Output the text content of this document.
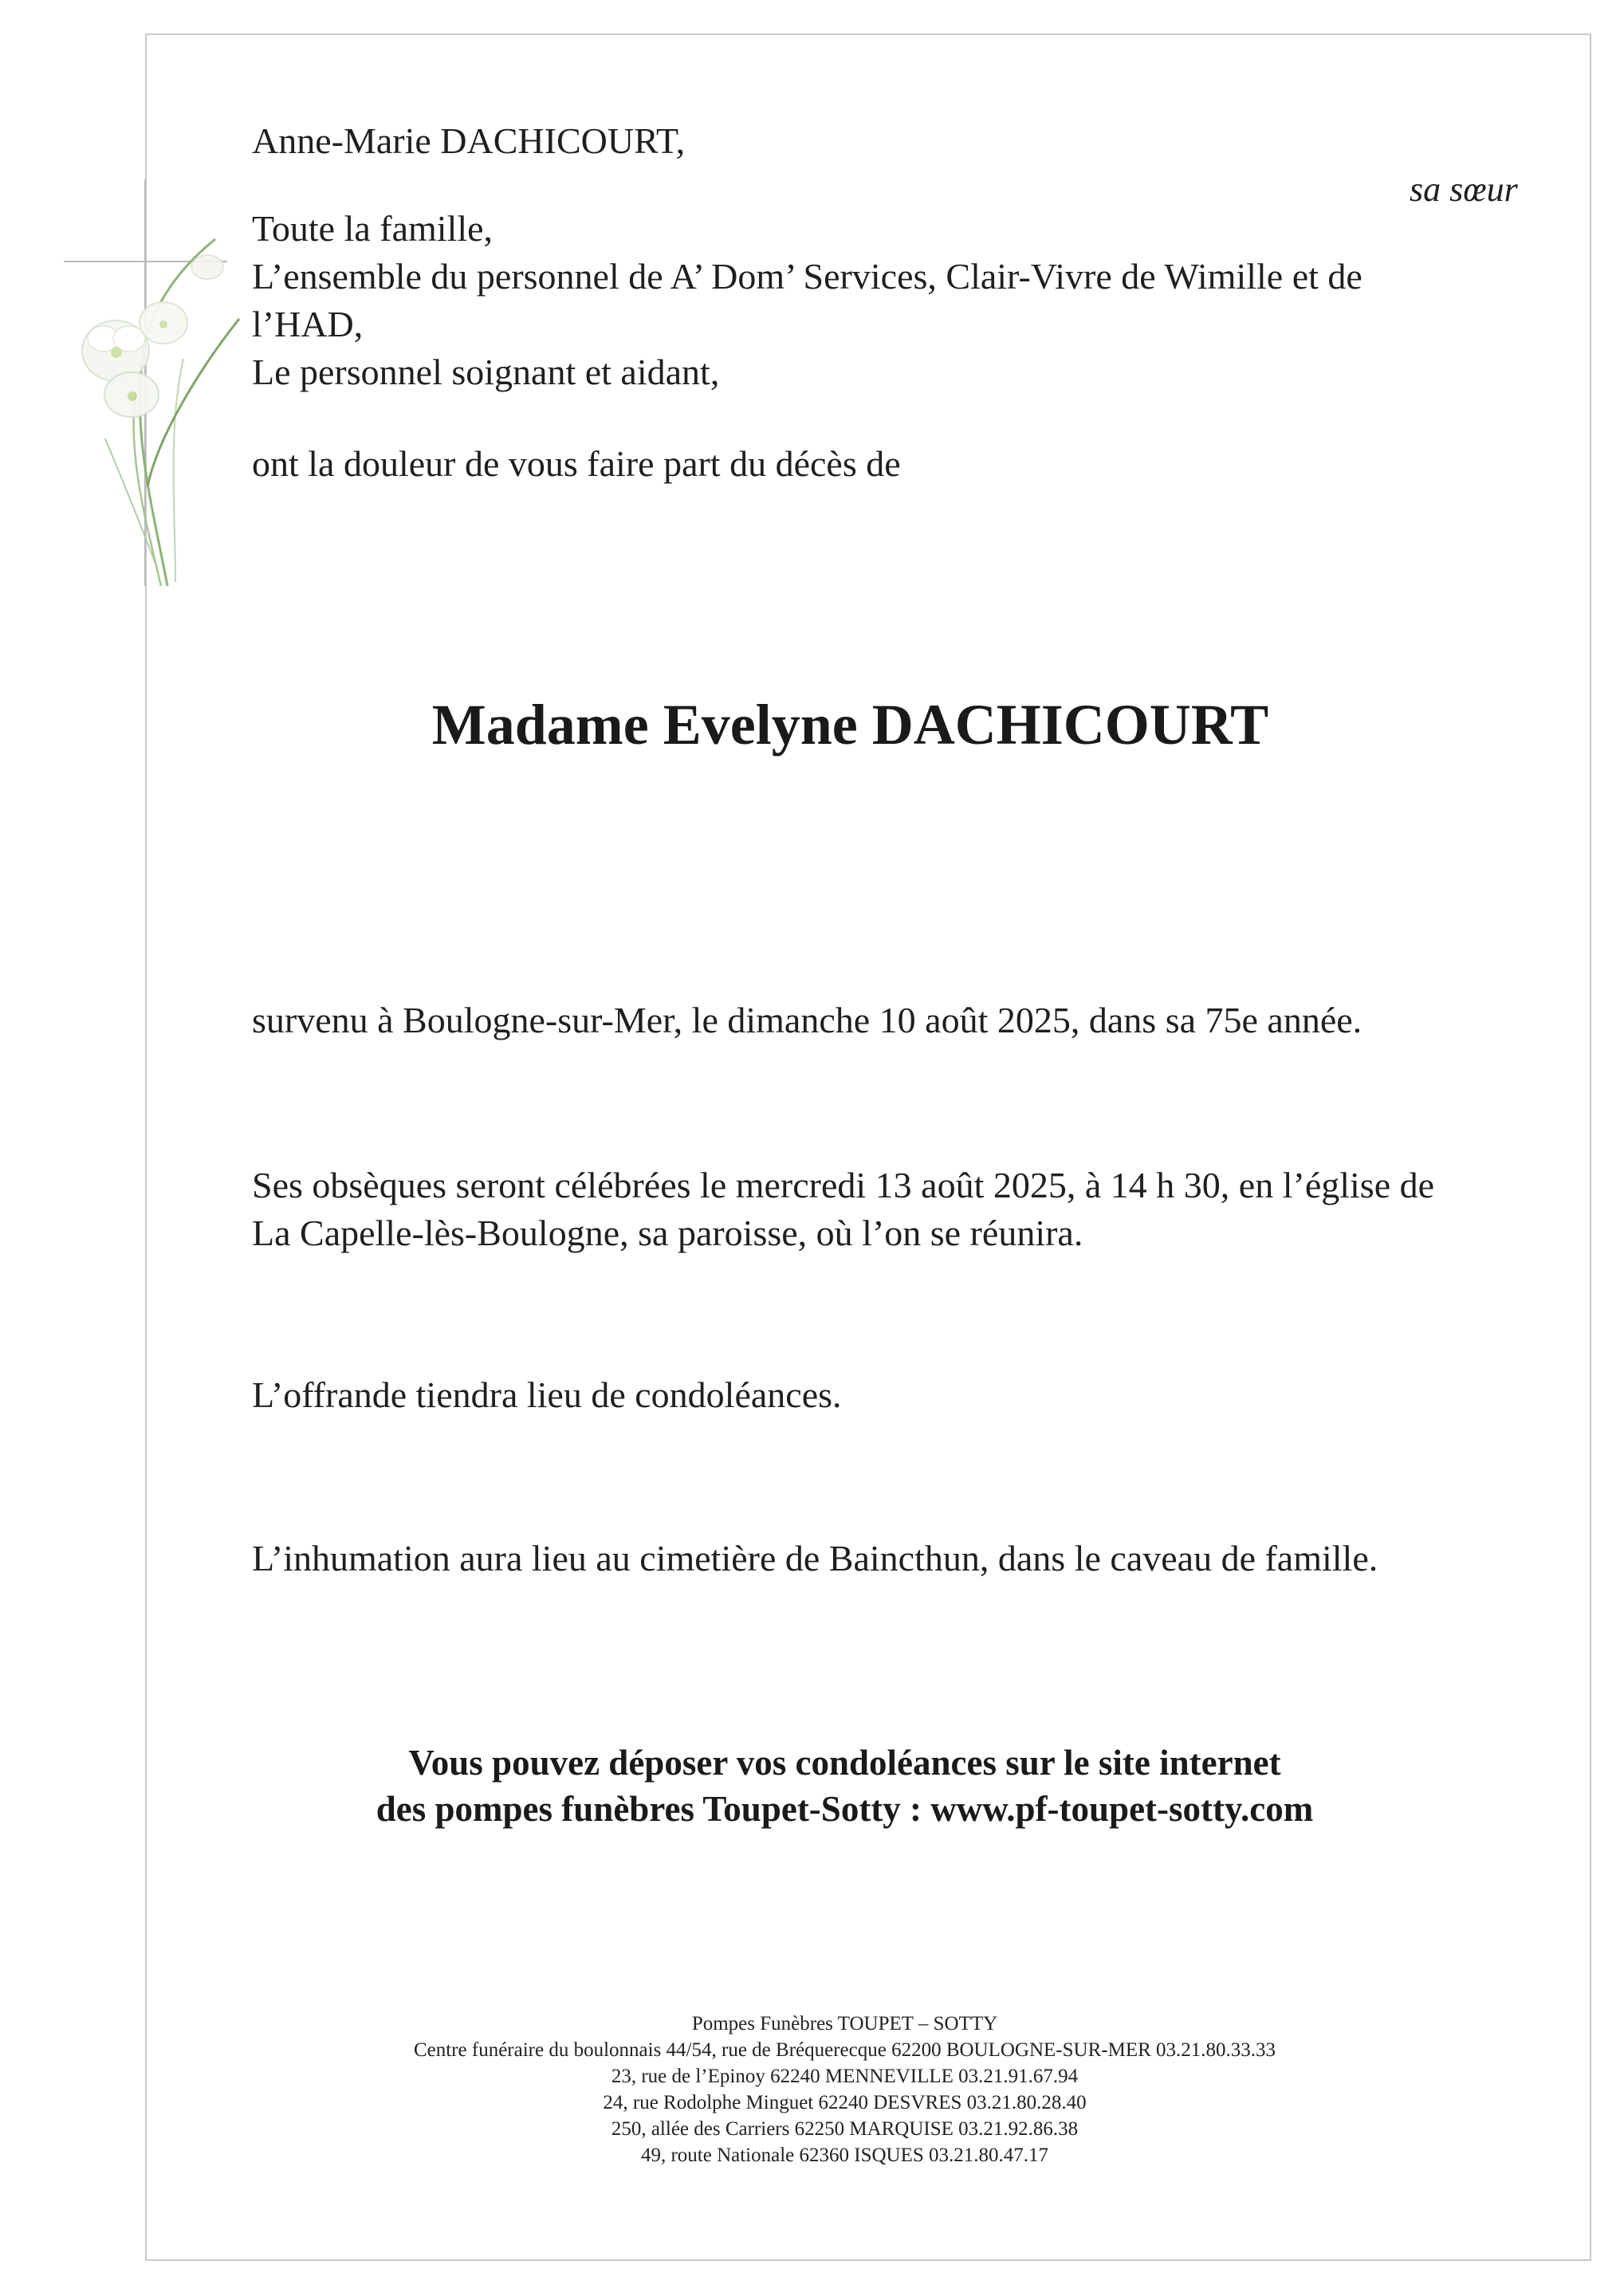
Anne-Marie DACHICOURT,
sa sœur
Toute la famille,
L’ensemble du personnel de A’ Dom’ Services, Clair-Vivre de Wimille et de
l’HAD,
Le personnel soignant et aidant,
ont la douleur de vous faire part du décès de
Madame Evelyne DACHICOURT
survenu à Boulogne-sur-Mer, le dimanche 10 août 2025, dans sa 75e année.
Ses obsèques seront célébrées le mercredi 13 août 2025, à 14 h 30, en l’église de
La Capelle-lès-Boulogne, sa paroisse, où l’on se réunira.
L’offrande tiendra lieu de condoléances.
L’inhumation aura lieu au cimetière de Baincthun, dans le caveau de famille.
Vous pouvez déposer vos condoléances sur le site internet
des pompes funèbres Toupet-Sotty : www.pf-toupet-sotty.com
Pompes Funèbres TOUPET – SOTTY
Centre funéraire du boulonnais 44/54, rue de Bréquerecque 62200 BOULOGNE-SUR-MER 03.21.80.33.33
23, rue de l’Epinoy 62240 MENNEVILLE 03.21.91.67.94
24, rue Rodolphe Minguet 62240 DESVRES 03.21.80.28.40
250, allée des Carriers 62250 MARQUISE 03.21.92.86.38
49, route Nationale 62360 ISQUES 03.21.80.47.17
